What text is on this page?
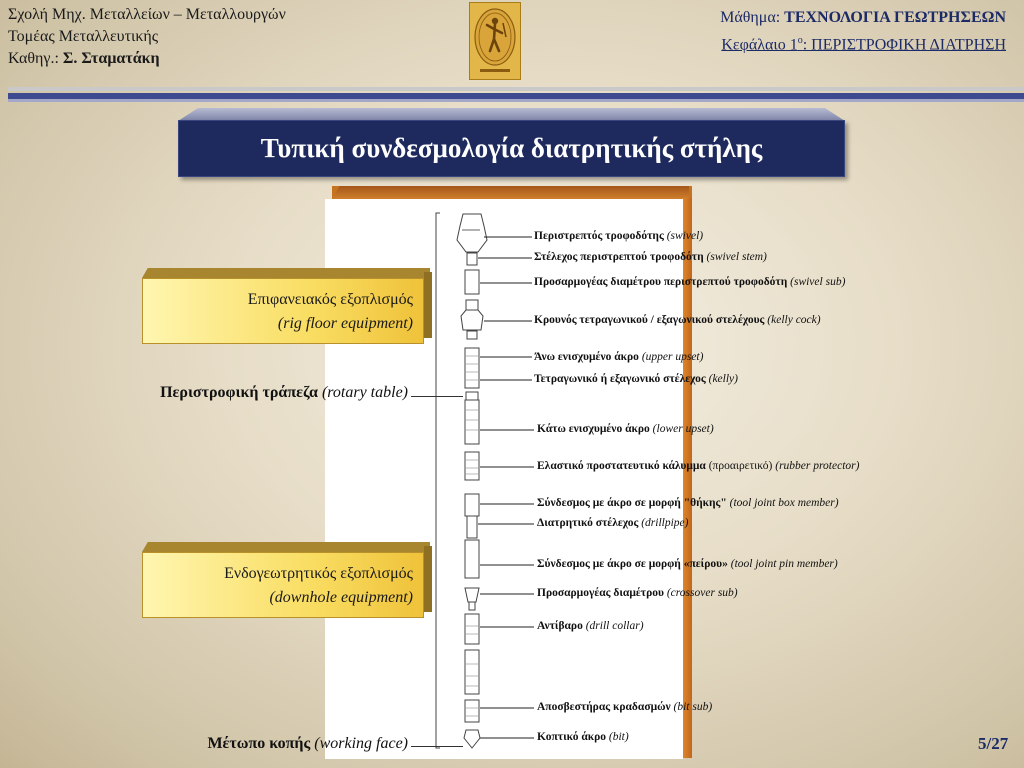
Σχολή Μηχ. Μεταλλείων – Μεταλλουργών
Τομέας Μεταλλευτικής
Καθηγ.: Σ. Σταματάκη
Μάθημα: ΤΕΧΝΟΛΟΓΙΑ ΓΕΩΤΡΗΣΕΩΝ
Κεφάλαιο $1^o$: ΠΕΡΙΣΤΡΟΦΙΚΗ ΔΙΑΤΡΗΣΗ
Τυπική συνδεσμολογία διατρητικής στήλης
Περιστρεπτός τροφοδότης (swivel)
Στέλεχος περιστρεπτού τροφοδότη (swivel stem)
Προσαρμογέας διαμέτρου περιστρεπτού τροφοδότη (swivel sub)
Κρουνός τετραγωνικού / εξαγωνικού στελέχους (kelly cock)
Άνω ενισχυμένο άκρο (upper upset)
Τετραγωνικό ή εξαγωνικό στέλεχος (kelly)
Κάτω ενισχυμένο άκρο (lower upset)
Ελαστικό προστατευτικό κάλυμμα (προαιρετικό) (rubber protector)
Σύνδεσμος με άκρο σε μορφή "θήκης" (tool joint box member)
Διατρητικό στέλεχος (drillpipe)
Σύνδεσμος με άκρο σε μορφή «πείρου» (tool joint pin member)
Προσαρμογέας διαμέτρου (crossover sub)
Αντίβαρο (drill collar)
Αποσβεστήρας κραδασμών (bit sub)
Κοπτικό άκρο (bit)
Επιφανειακός εξοπλισμός
(rig floor equipment)
Περιστροφική τράπεζα (rotary table)
Ενδογεωτρητικός εξοπλισμός
(downhole equipment)
Μέτωπο κοπής (working face)	5/27
